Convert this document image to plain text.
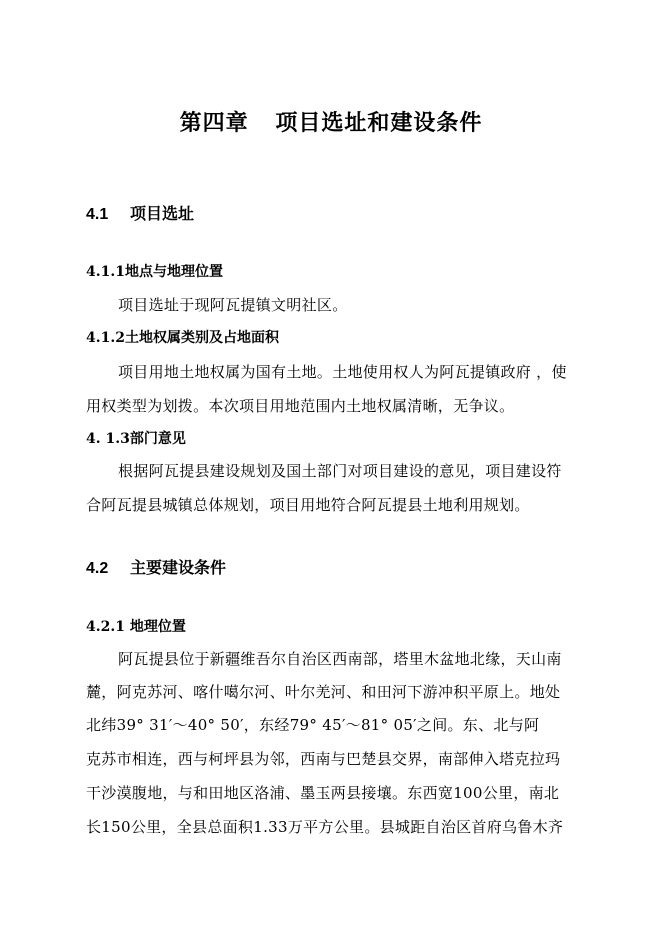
第四章 项目选址和建设条件
4.1 项目选址
4.1.1地点与地理位置
项目选址于现阿瓦提镇文明社区。
4.1.2土地权属类别及占地面积
项目用地土地权属为国有土地。土地使用权人为阿瓦提镇政府 ，使
用权类型为划拨。本次项目用地范围内土地权属清晰，无争议。
4. 1.3部门意见
根据阿瓦提县建设规划及国土部门对项目建设的意见，项目建设符
合阿瓦提县城镇总体规划，项目用地符合阿瓦提县土地利用规划。
4.2 主要建设条件
4.2.1 地理位置
阿瓦提县位于新疆维吾尔自治区西南部，塔里木盆地北缘，天山南
麓，阿克苏河、喀什噶尔河、叶尔羌河、和田河下游冲积平原上。地处
北纬39° 31′～40° 50′，东经79° 45′～81° 05′之间。东、北与阿
克苏市相连，西与柯坪县为邻，西南与巴楚县交界，南部伸入塔克拉玛
干沙漠腹地，与和田地区洛浦、墨玉两县接壤。东西宽100公里，南北
长150公里，全县总面积1.33万平方公里。县城距自治区首府乌鲁木齐
